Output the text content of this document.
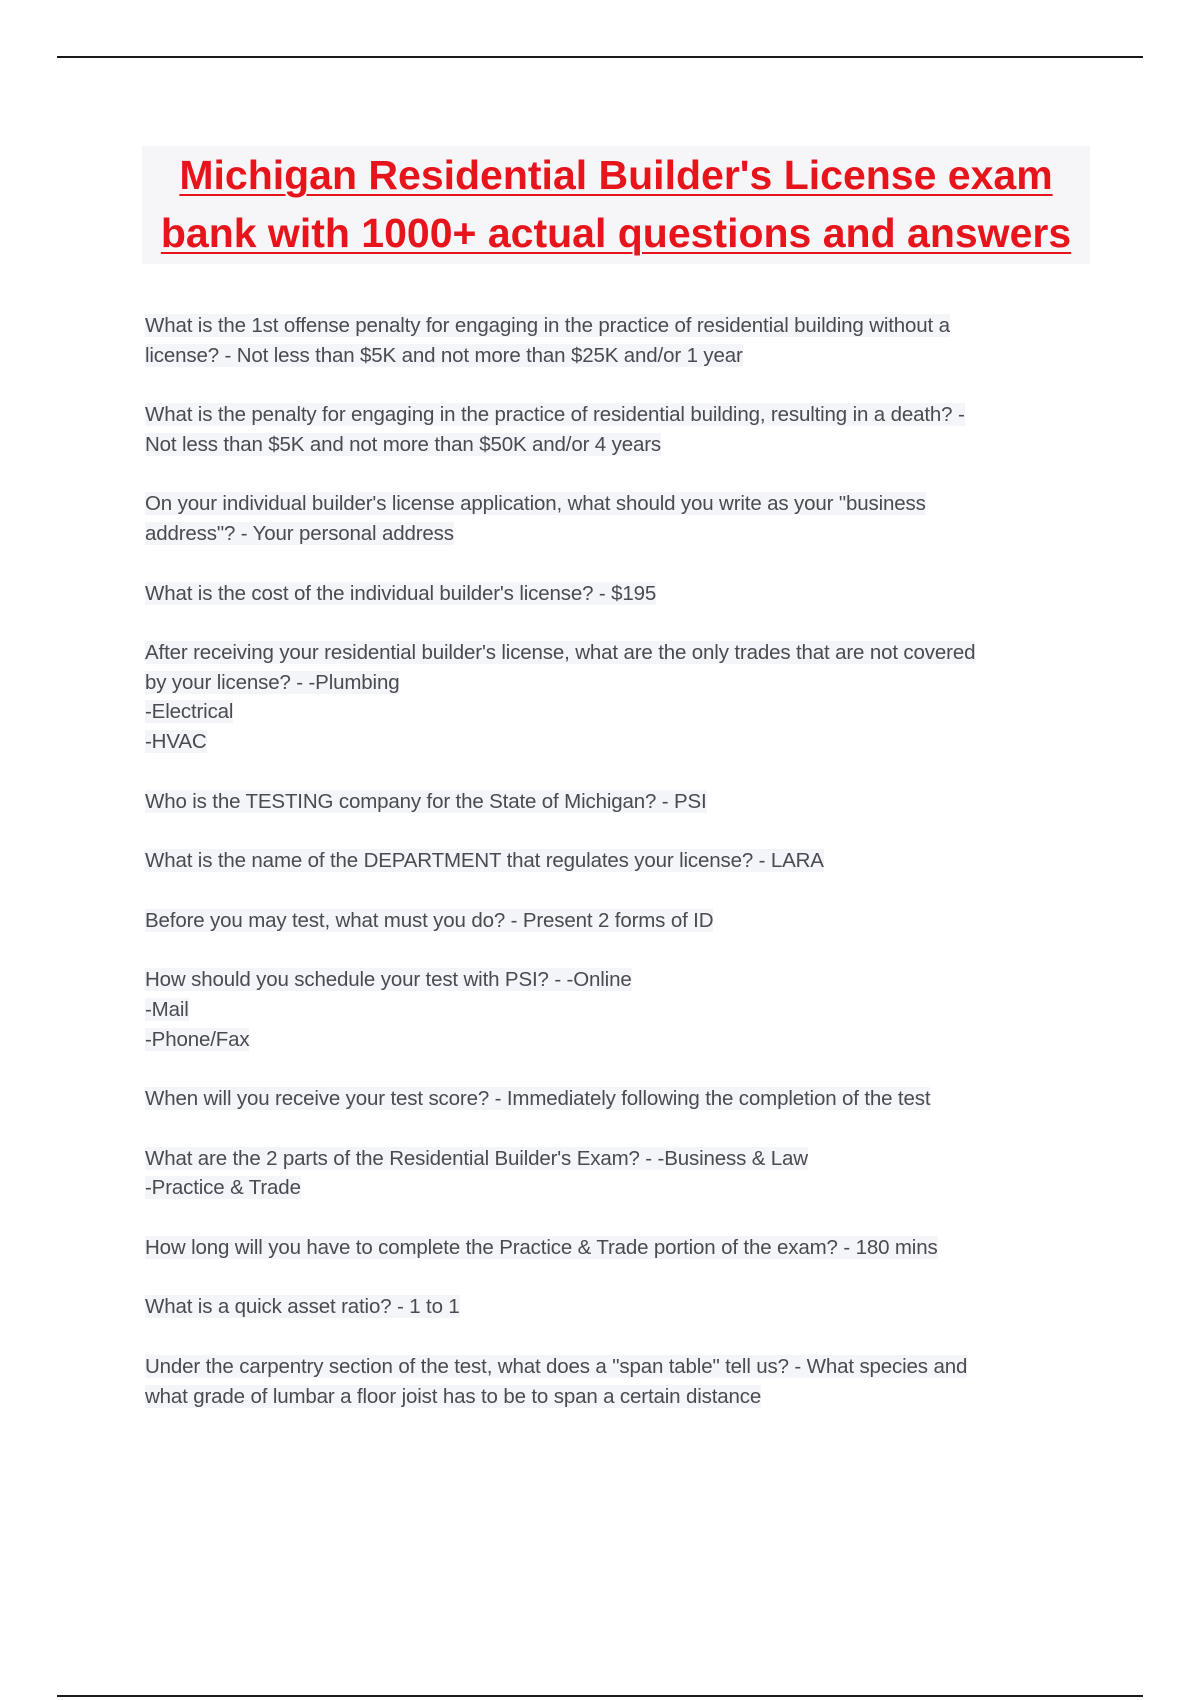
Michigan Residential Builder's License exam bank with 1000+ actual questions and answers
What is the 1st offense penalty for engaging in the practice of residential building without a
license? - Not less than $5K and not more than $25K and/or 1 year
What is the penalty for engaging in the practice of residential building, resulting in a death? -
Not less than $5K and not more than $50K and/or 4 years
On your individual builder's license application, what should you write as your "business
address"? - Your personal address
What is the cost of the individual builder's license? - $195
After receiving your residential builder's license, what are the only trades that are not covered
by your license? - -Plumbing
-Electrical
-HVAC
Who is the TESTING company for the State of Michigan? - PSI
What is the name of the DEPARTMENT that regulates your license? - LARA
Before you may test, what must you do? - Present 2 forms of ID
How should you schedule your test with PSI? - -Online
-Mail
-Phone/Fax
When will you receive your test score? - Immediately following the completion of the test
What are the 2 parts of the Residential Builder's Exam? - -Business & Law
-Practice & Trade
How long will you have to complete the Practice & Trade portion of the exam? - 180 mins
What is a quick asset ratio? - 1 to 1
Under the carpentry section of the test, what does a "span table" tell us? - What species and
what grade of lumbar a floor joist has to be to span a certain distance
